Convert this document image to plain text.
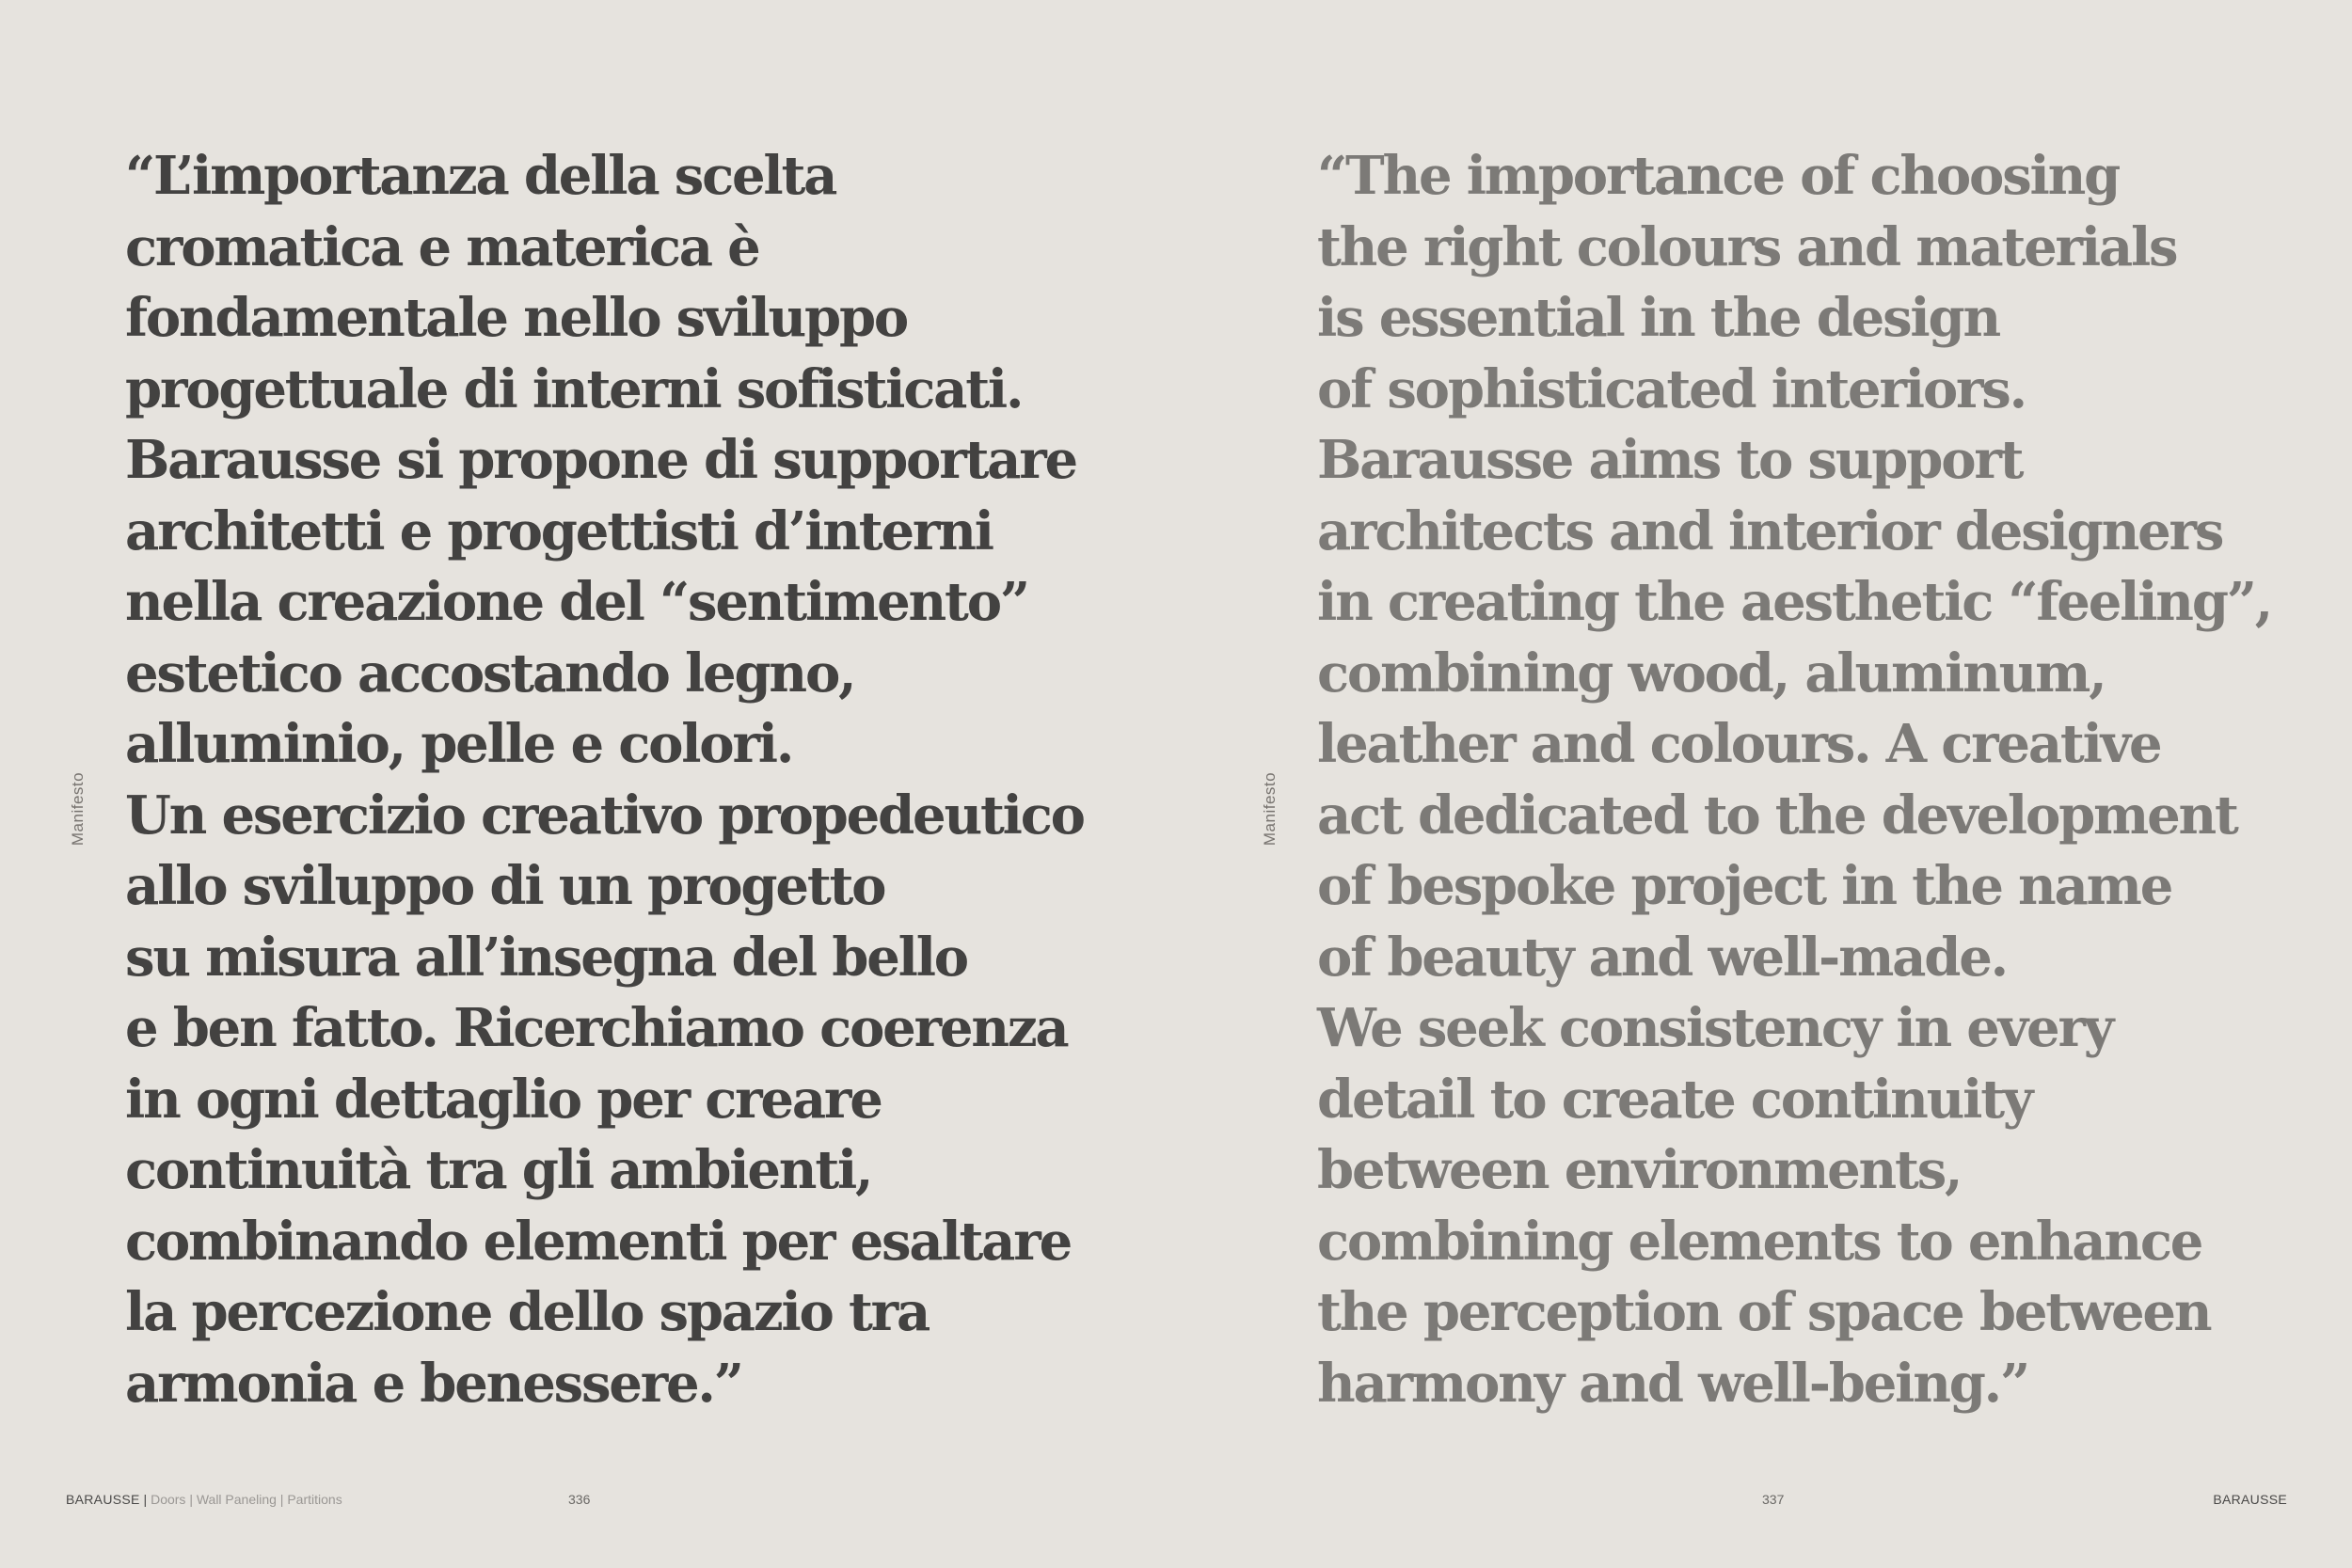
Manifesto

“L’importanza della scelta
cromatica e materica è
fondamentale nello sviluppo
progettuale di interni sofisticati.
Barausse si propone di supportare
architetti e progettisti d’interni
nella creazione del “sentimento”
estetico accostando legno,
alluminio, pelle e colori.
Un esercizio creativo propedeutico
allo sviluppo di un progetto
su misura all’insegna del bello
e ben fatto. Ricerchiamo coerenza
in ogni dettaglio per creare
continuità tra gli ambienti,
combinando elementi per esaltare
la percezione dello spazio tra
armonia e benessere.”

BARAUSSE | Doors | Wall Paneling | Partitions	336
Manifesto

“The importance of choosing
the right colours and materials
is essential in the design
of sophisticated interiors.
Barausse aims to support
architects and interior designers
in creating the aesthetic “feeling”,
combining wood, aluminum,
leather and colours. A creative
act dedicated to the development
of bespoke project in the name
of beauty and well-made.
We seek consistency in every
detail to create continuity
between environments,
combining elements to enhance
the perception of space between
harmony and well-being.”

337	BARAUSSE
